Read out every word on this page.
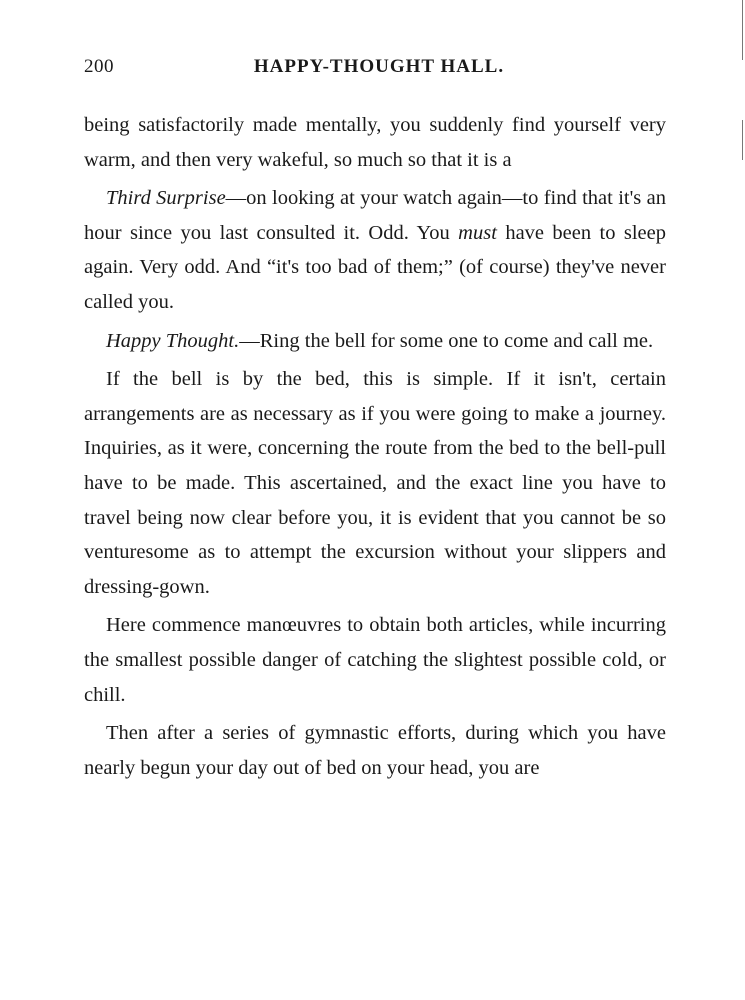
200	HAPPY-THOUGHT HALL.

being satisfactorily made mentally, you suddenly find yourself very warm, and then very wakeful, so much so that it is a

Third Surprise—on looking at your watch again—to find that it's an hour since you last consulted it. Odd. You must have been to sleep again. Very odd. And “it's too bad of them;” (of course) they've never called you.

Happy Thought.—Ring the bell for some one to come and call me.

If the bell is by the bed, this is simple. If it isn't, certain arrangements are as necessary as if you were going to make a journey. Inquiries, as it were, concerning the route from the bed to the bell-pull have to be made. This ascertained, and the exact line you have to travel being now clear before you, it is evident that you cannot be so venturesome as to attempt the excursion without your slippers and dressing-gown.

Here commence manœuvres to obtain both articles, while incurring the smallest possible danger of catching the slightest possible cold, or chill.

Then after a series of gymnastic efforts, during which you have nearly begun your day out of bed on your head, you are
